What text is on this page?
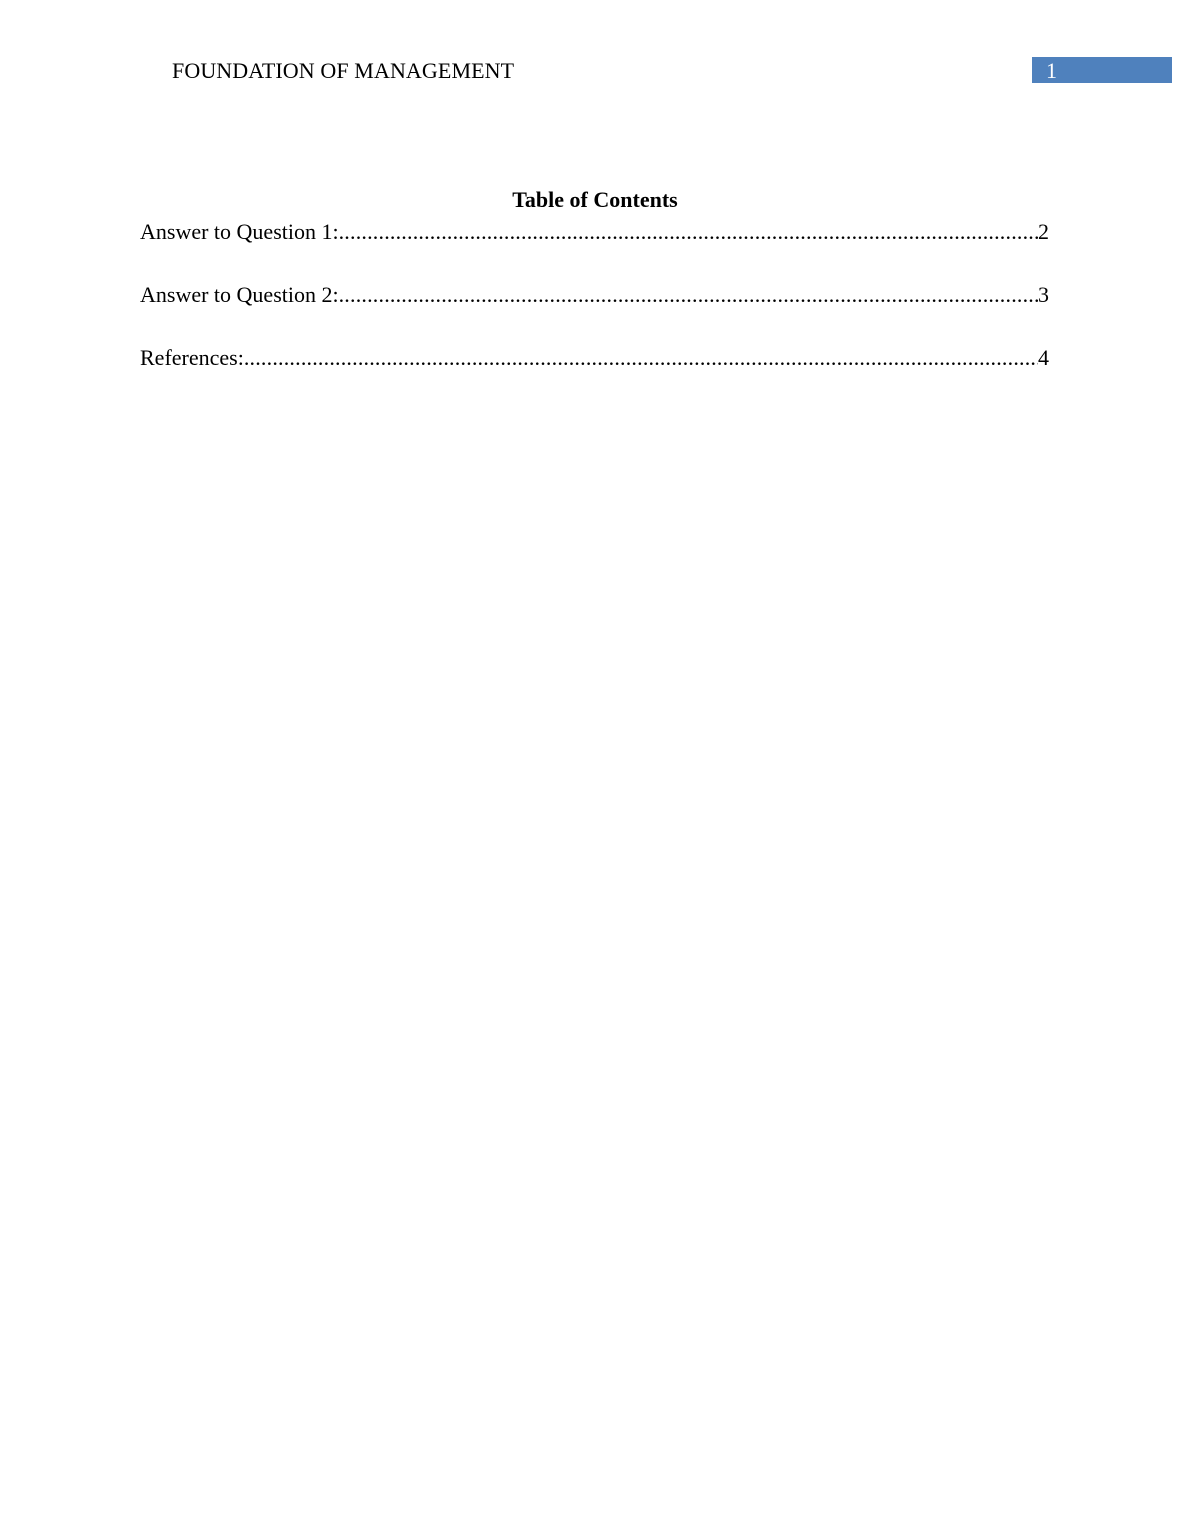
FOUNDATION OF MANAGEMENT	1
Table of Contents
Answer to Question 1: .....	2
Answer to Question 2: .....	3
References: .....	4
